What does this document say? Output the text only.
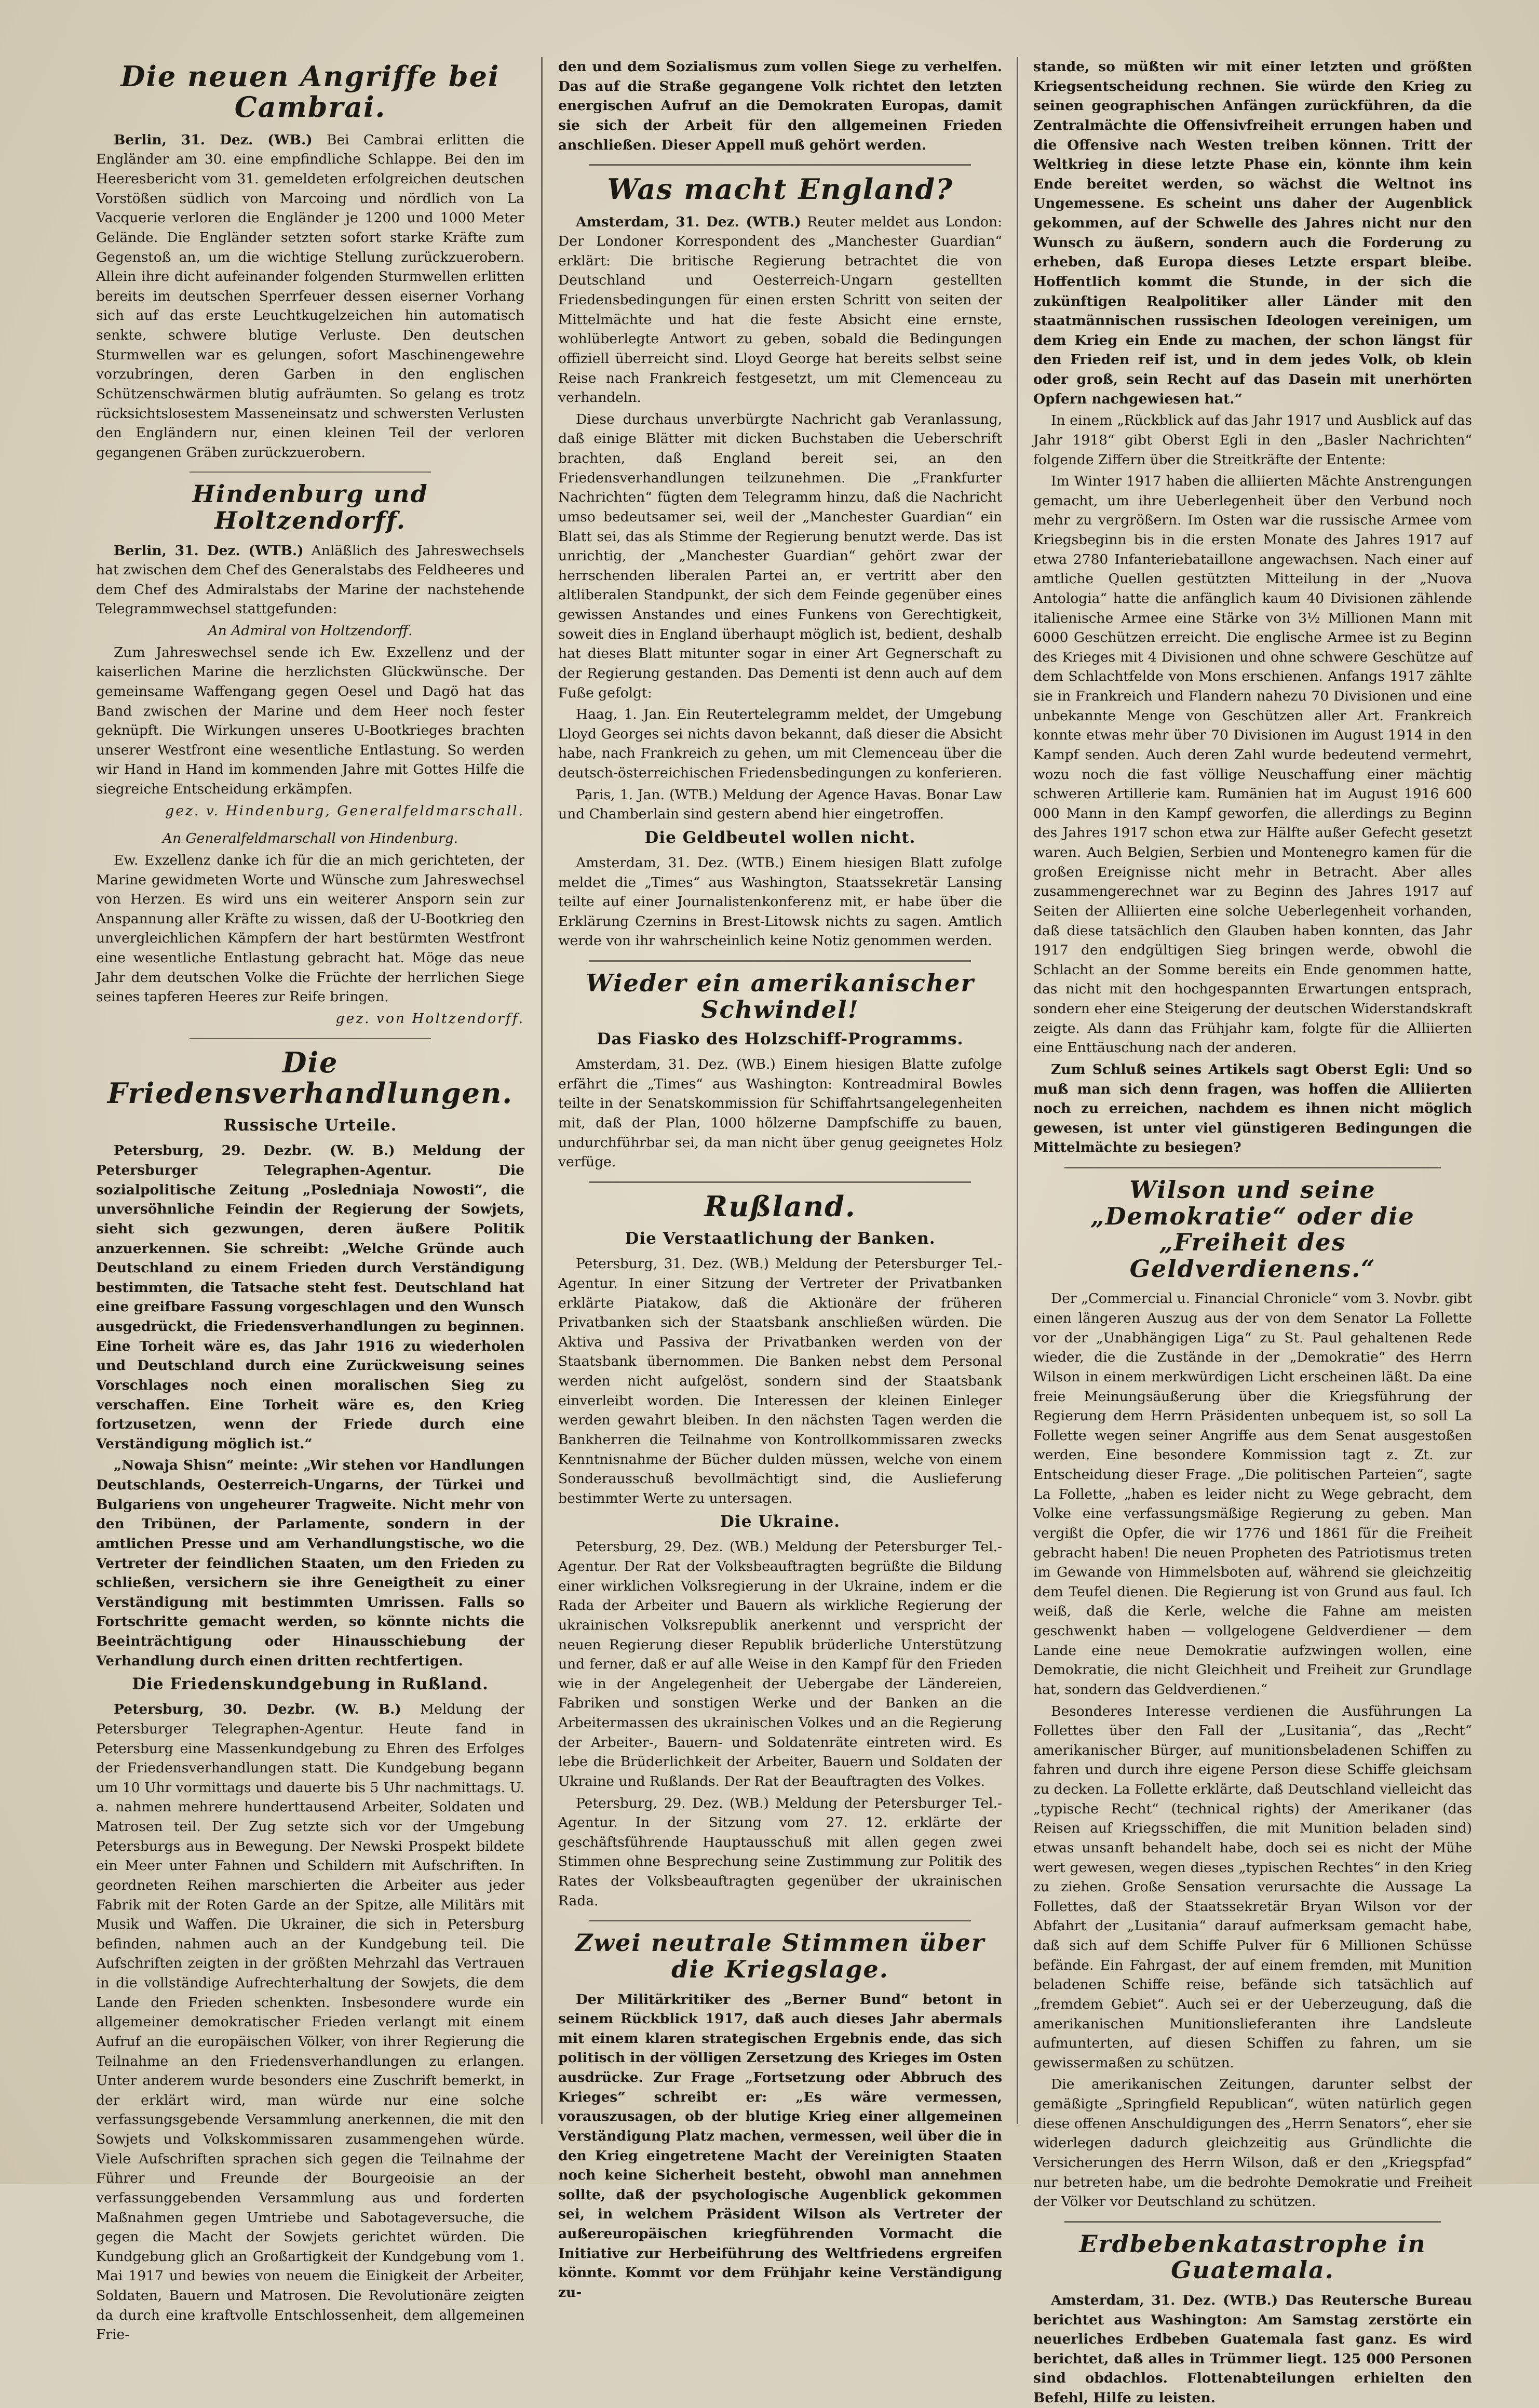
Die neuen Angriffe bei Cambrai.

Berlin, 31. Dez. (WB.) Bei Cambrai erlitten die Engländer am 30. eine empfindliche Schlappe. Bei den im Heeresbericht vom 31. gemeldeten erfolgreichen deutschen Vorstößen südlich von Marcoing und nördlich von La Vacquerie verloren die Engländer je 1200 und 1000 Meter Gelände. Die Engländer setzten sofort starke Kräfte zum Gegenstoß an, um die wichtige Stellung zurückzuerobern. Allein ihre dicht aufeinander folgenden Sturmwellen erlitten bereits im deutschen Sperrfeuer dessen eiserner Vorhang sich auf das erste Leuchtkugelzeichen hin automatisch senkte, schwere blutige Verluste. Den deutschen Sturmwellen war es gelungen, sofort Maschinengewehre vorzubringen, deren Garben in den englischen Schützenschwärmen blutig aufräumten. So gelang es trotz rücksichtslosestem Masseneinsatz und schwersten Verlusten den Engländern nur, einen kleinen Teil der verloren gegangenen Gräben zurückzuerobern.

Hindenburg und Holtzendorff.

Berlin, 31. Dez. (WTB.) Anläßlich des Jahreswechsels hat zwischen dem Chef des Generalstabs des Feldheeres und dem Chef des Admiralstabs der Marine der nachstehende Telegrammwechsel stattgefunden:

An Admiral von Holtzendorff.

Zum Jahreswechsel sende ich Ew. Exzellenz und der kaiserlichen Marine die herzlichsten Glückwünsche. Der gemeinsame Waffengang gegen Oesel und Dagö hat das Band zwischen der Marine und dem Heer noch fester geknüpft. Die Wirkungen unseres U-Bootkrieges brachten unserer Westfront eine wesentliche Entlastung. So werden wir Hand in Hand im kommenden Jahre mit Gottes Hilfe die siegreiche Entscheidung erkämpfen.

gez. v. Hindenburg, Generalfeldmarschall.

An Generalfeldmarschall von Hindenburg.

Ew. Exzellenz danke ich für die an mich gerichteten, der Marine gewidmeten Worte und Wünsche zum Jahreswechsel von Herzen. Es wird uns ein weiterer Ansporn sein zur Anspannung aller Kräfte zu wissen, daß der U-Bootkrieg den unvergleichlichen Kämpfern der hart bestürmten Westfront eine wesentliche Entlastung gebracht hat. Möge das neue Jahr dem deutschen Volke die Früchte der herrlichen Siege seines tapferen Heeres zur Reife bringen.

gez. von Holtzendorff.

Die Friedensverhandlungen.
Russische Urteile.

Petersburg, 29. Dezbr. (W. B.) Meldung der Petersburger Telegraphen-Agentur. Die sozialpolitische Zeitung „Posledniaja Nowosti“, die unversöhnliche Feindin der Regierung der Sowjets, sieht sich gezwungen, deren äußere Politik anzuerkennen. Sie schreibt: „Welche Gründe auch Deutschland zu einem Frieden durch Verständigung bestimmten, die Tatsache steht fest. Deutschland hat eine greifbare Fassung vorgeschlagen und den Wunsch ausgedrückt, die Friedensverhandlungen zu beginnen. Eine Torheit wäre es, das Jahr 1916 zu wiederholen und Deutschland durch eine Zurückweisung seines Vorschlages noch einen moralischen Sieg zu verschaffen. Eine Torheit wäre es, den Krieg fortzusetzen, wenn der Friede durch eine Verständigung möglich ist.“

„Nowaja Shisn“ meinte: „Wir stehen vor Handlungen Deutschlands, Oesterreich-Ungarns, der Türkei und Bulgariens von ungeheurer Tragweite. Nicht mehr von den Tribünen, der Parlamente, sondern in der amtlichen Presse und am Verhandlungstische, wo die Vertreter der feindlichen Staaten, um den Frieden zu schließen, versichern sie ihre Geneigtheit zu einer Verständigung mit bestimmten Umrissen. Falls so Fortschritte gemacht werden, so könnte nichts die Beeinträchtigung oder Hinausschiebung der Verhandlung durch einen dritten rechtfertigen.

Die Friedenskundgebung in Rußland.

Petersburg, 30. Dezbr. (W. B.) Meldung der Petersburger Telegraphen-Agentur. Heute fand in Petersburg eine Massenkundgebung zu Ehren des Erfolges der Friedensverhandlungen statt. Die Kundgebung begann um 10 Uhr vormittags und dauerte bis 5 Uhr nachmittags. U. a. nahmen mehrere hunderttausend Arbeiter, Soldaten und Matrosen teil. Der Zug setzte sich vor der Umgebung Petersburgs aus in Bewegung. Der Newski Prospekt bildete ein Meer unter Fahnen und Schildern mit Aufschriften. In geordneten Reihen marschierten die Arbeiter aus jeder Fabrik mit der Roten Garde an der Spitze, alle Militärs mit Musik und Waffen. Die Ukrainer, die sich in Petersburg befinden, nahmen auch an der Kundgebung teil. Die Aufschriften zeigten in der größten Mehrzahl das Vertrauen in die vollständige Aufrechterhaltung der Sowjets, die dem Lande den Frieden schenkten. Insbesondere wurde ein allgemeiner demokratischer Frieden verlangt mit einem Aufruf an die europäischen Völker, von ihrer Regierung die Teilnahme an den Friedensverhandlungen zu erlangen. Unter anderem wurde besonders eine Zuschrift bemerkt, in der erklärt wird, man würde nur eine solche verfassungsgebende Versammlung anerkennen, die mit den Sowjets und Volkskommissaren zusammengehen würde. Viele Aufschriften sprachen sich gegen die Teilnahme der Führer und Freunde der Bourgeoisie an der verfassunggebenden Versammlung aus und forderten Maßnahmen gegen Umtriebe und Sabotageversuche, die gegen die Macht der Sowjets gerichtet würden. Die Kundgebung glich an Großartigkeit der Kundgebung vom 1. Mai 1917 und bewies von neuem die Einigkeit der Arbeiter, Soldaten, Bauern und Matrosen. Die Revolutionäre zeigten da durch eine kraftvolle Entschlossenheit, dem allgemeinen Frie-

den und dem Sozialismus zum vollen Siege zu verhelfen. Das auf die Straße gegangene Volk richtet den letzten energischen Aufruf an die Demokraten Europas, damit sie sich der Arbeit für den allgemeinen Frieden anschließen. Dieser Appell muß gehört werden.

Was macht England?

Amsterdam, 31. Dez. (WTB.) Reuter meldet aus London: Der Londoner Korrespondent des „Manchester Guardian“ erklärt: Die britische Regierung betrachtet die von Deutschland und Oesterreich-Ungarn gestellten Friedensbedingungen für einen ersten Schritt von seiten der Mittelmächte und hat die feste Absicht eine ernste, wohlüberlegte Antwort zu geben, sobald die Bedingungen offiziell überreicht sind. Lloyd George hat bereits selbst seine Reise nach Frankreich festgesetzt, um mit Clemenceau zu verhandeln.

Diese durchaus unverbürgte Nachricht gab Veranlassung, daß einige Blätter mit dicken Buchstaben die Ueberschrift brachten, daß England bereit sei, an den Friedensverhandlungen teilzunehmen. Die „Frankfurter Nachrichten“ fügten dem Telegramm hinzu, daß die Nachricht umso bedeutsamer sei, weil der „Manchester Guardian“ ein Blatt sei, das als Stimme der Regierung benutzt werde. Das ist unrichtig, der „Manchester Guardian“ gehört zwar der herrschenden liberalen Partei an, er vertritt aber den altliberalen Standpunkt, der sich dem Feinde gegenüber eines gewissen Anstandes und eines Funkens von Gerechtigkeit, soweit dies in England überhaupt möglich ist, bedient, deshalb hat dieses Blatt mitunter sogar in einer Art Gegnerschaft zu der Regierung gestanden. Das Dementi ist denn auch auf dem Fuße gefolgt:

Haag, 1. Jan. Ein Reutertelegramm meldet, der Umgebung Lloyd Georges sei nichts davon bekannt, daß dieser die Absicht habe, nach Frankreich zu gehen, um mit Clemenceau über die deutsch-österreichischen Friedensbedingungen zu konferieren.

Paris, 1. Jan. (WTB.) Meldung der Agence Havas. Bonar Law und Chamberlain sind gestern abend hier eingetroffen.

Die Geldbeutel wollen nicht.

Amsterdam, 31. Dez. (WTB.) Einem hiesigen Blatt zufolge meldet die „Times“ aus Washington, Staatssekretär Lansing teilte auf einer Journalistenkonferenz mit, er habe über die Erklärung Czernins in Brest-Litowsk nichts zu sagen. Amtlich werde von ihr wahrscheinlich keine Notiz genommen werden.

Wieder ein amerikanischer Schwindel!
Das Fiasko des Holzschiff-Programms.

Amsterdam, 31. Dez. (WB.) Einem hiesigen Blatte zufolge erfährt die „Times“ aus Washington: Kontreadmiral Bowles teilte in der Senatskommission für Schiffahrtsangelegenheiten mit, daß der Plan, 1000 hölzerne Dampfschiffe zu bauen, undurchführbar sei, da man nicht über genug geeignetes Holz verfüge.

Rußland.
Die Verstaatlichung der Banken.

Petersburg, 31. Dez. (WB.) Meldung der Petersburger Tel.-Agentur. In einer Sitzung der Vertreter der Privatbanken erklärte Piatakow, daß die Aktionäre der früheren Privatbanken sich der Staatsbank anschließen würden. Die Aktiva und Passiva der Privatbanken werden von der Staatsbank übernommen. Die Banken nebst dem Personal werden nicht aufgelöst, sondern sind der Staatsbank einverleibt worden. Die Interessen der kleinen Einleger werden gewahrt bleiben. In den nächsten Tagen werden die Bankherren die Teilnahme von Kontrollkommissaren zwecks Kenntnisnahme der Bücher dulden müssen, welche von einem Sonderausschuß bevollmächtigt sind, die Auslieferung bestimmter Werte zu untersagen.

Die Ukraine.

Petersburg, 29. Dez. (WB.) Meldung der Petersburger Tel.-Agentur. Der Rat der Volksbeauftragten begrüßte die Bildung einer wirklichen Volksregierung in der Ukraine, indem er die Rada der Arbeiter und Bauern als wirkliche Regierung der ukrainischen Volksrepublik anerkennt und verspricht der neuen Regierung dieser Republik brüderliche Unterstützung und ferner, daß er auf alle Weise in den Kampf für den Frieden wie in der Angelegenheit der Uebergabe der Ländereien, Fabriken und sonstigen Werke und der Banken an die Arbeitermassen des ukrainischen Volkes und an die Regierung der Arbeiter-, Bauern- und Soldatenräte eintreten wird. Es lebe die Brüderlichkeit der Arbeiter, Bauern und Soldaten der Ukraine und Rußlands. Der Rat der Beauftragten des Volkes.

Petersburg, 29. Dez. (WB.) Meldung der Petersburger Tel.-Agentur. In der Sitzung vom 27. 12. erklärte der geschäftsführende Hauptausschuß mit allen gegen zwei Stimmen ohne Besprechung seine Zustimmung zur Politik des Rates der Volksbeauftragten gegenüber der ukrainischen Rada.

Zwei neutrale Stimmen über die Kriegslage.

Der Militärkritiker des „Berner Bund“ betont in seinem Rückblick 1917, daß auch dieses Jahr abermals mit einem klaren strategischen Ergebnis ende, das sich politisch in der völligen Zersetzung des Krieges im Osten ausdrücke. Zur Frage „Fortsetzung oder Abbruch des Krieges“ schreibt er: „Es wäre vermessen, vorauszusagen, ob der blutige Krieg einer allgemeinen Verständigung Platz machen, vermessen, weil über die in den Krieg eingetretene Macht der Vereinigten Staaten noch keine Sicherheit besteht, obwohl man annehmen sollte, daß der psychologische Augenblick gekommen sei, in welchem Präsident Wilson als Vertreter der außereuropäischen kriegführenden Vormacht die Initiative zur Herbeiführung des Weltfriedens ergreifen könnte. Kommt vor dem Frühjahr keine Verständigung zu-

stande, so müßten wir mit einer letzten und größten Kriegsentscheidung rechnen. Sie würde den Krieg zu seinen geographischen Anfängen zurückführen, da die Zentralmächte die Offensivfreiheit errungen haben und die Offensive nach Westen treiben können. Tritt der Weltkrieg in diese letzte Phase ein, könnte ihm kein Ende bereitet werden, so wächst die Weltnot ins Ungemessene. Es scheint uns daher der Augenblick gekommen, auf der Schwelle des Jahres nicht nur den Wunsch zu äußern, sondern auch die Forderung zu erheben, daß Europa dieses Letzte erspart bleibe. Hoffentlich kommt die Stunde, in der sich die zukünftigen Realpolitiker aller Länder mit den staatmännischen russischen Ideologen vereinigen, um dem Krieg ein Ende zu machen, der schon längst für den Frieden reif ist, und in dem jedes Volk, ob klein oder groß, sein Recht auf das Dasein mit unerhörten Opfern nachgewiesen hat.“

In einem „Rückblick auf das Jahr 1917 und Ausblick auf das Jahr 1918“ gibt Oberst Egli in den „Basler Nachrichten“ folgende Ziffern über die Streitkräfte der Entente:

Im Winter 1917 haben die alliierten Mächte Anstrengungen gemacht, um ihre Ueberlegenheit über den Verbund noch mehr zu vergrößern. Im Osten war die russische Armee vom Kriegsbeginn bis in die ersten Monate des Jahres 1917 auf etwa 2780 Infanteriebataillone angewachsen. Nach einer auf amtliche Quellen gestützten Mitteilung in der „Nuova Antologia“ hatte die anfänglich kaum 40 Divisionen zählende italienische Armee eine Stärke von 3½ Millionen Mann mit 6000 Geschützen erreicht. Die englische Armee ist zu Beginn des Krieges mit 4 Divisionen und ohne schwere Geschütze auf dem Schlachtfelde von Mons erschienen. Anfangs 1917 zählte sie in Frankreich und Flandern nahezu 70 Divisionen und eine unbekannte Menge von Geschützen aller Art. Frankreich konnte etwas mehr über 70 Divisionen im August 1914 in den Kampf senden. Auch deren Zahl wurde bedeutend vermehrt, wozu noch die fast völlige Neuschaffung einer mächtig schweren Artillerie kam. Rumänien hat im August 1916 600 000 Mann in den Kampf geworfen, die allerdings zu Beginn des Jahres 1917 schon etwa zur Hälfte außer Gefecht gesetzt waren. Auch Belgien, Serbien und Montenegro kamen für die großen Ereignisse nicht mehr in Betracht. Aber alles zusammengerechnet war zu Beginn des Jahres 1917 auf Seiten der Alliierten eine solche Ueberlegenheit vorhanden, daß diese tatsächlich den Glauben haben konnten, das Jahr 1917 den endgültigen Sieg bringen werde, obwohl die Schlacht an der Somme bereits ein Ende genommen hatte, das nicht mit den hochgespannten Erwartungen entsprach, sondern eher eine Steigerung der deutschen Widerstandskraft zeigte. Als dann das Frühjahr kam, folgte für die Alliierten eine Enttäuschung nach der anderen.

Zum Schluß seines Artikels sagt Oberst Egli: Und so muß man sich denn fragen, was hoffen die Alliierten noch zu erreichen, nachdem es ihnen nicht möglich gewesen, ist unter viel günstigeren Bedingungen die Mittelmächte zu besiegen?

Wilson und seine „Demokratie“ oder die „Freiheit des Geldverdienens.“

Der „Commercial u. Financial Chronicle“ vom 3. Novbr. gibt einen längeren Auszug aus der von dem Senator La Follette vor der „Unabhängigen Liga“ zu St. Paul gehaltenen Rede wieder, die die Zustände in der „Demokratie“ des Herrn Wilson in einem merkwürdigen Licht erscheinen läßt. Da eine freie Meinungsäußerung über die Kriegsführung der Regierung dem Herrn Präsidenten unbequem ist, so soll La Follette wegen seiner Angriffe aus dem Senat ausgestoßen werden. Eine besondere Kommission tagt z. Zt. zur Entscheidung dieser Frage. „Die politischen Parteien“, sagte La Follette, „haben es leider nicht zu Wege gebracht, dem Volke eine verfassungsmäßige Regierung zu geben. Man vergißt die Opfer, die wir 1776 und 1861 für die Freiheit gebracht haben! Die neuen Propheten des Patriotismus treten im Gewande von Himmelsboten auf, während sie gleichzeitig dem Teufel dienen. Die Regierung ist von Grund aus faul. Ich weiß, daß die Kerle, welche die Fahne am meisten geschwenkt haben — vollgelogene Geldverdiener — dem Lande eine neue Demokratie aufzwingen wollen, eine Demokratie, die nicht Gleichheit und Freiheit zur Grundlage hat, sondern das Geldverdienen.“

Besonderes Interesse verdienen die Ausführungen La Follettes über den Fall der „Lusitania“, das „Recht“ amerikanischer Bürger, auf munitionsbeladenen Schiffen zu fahren und durch ihre eigene Person diese Schiffe gleichsam zu decken. La Follette erklärte, daß Deutschland vielleicht das „typische Recht“ (technical rights) der Amerikaner (das Reisen auf Kriegsschiffen, die mit Munition beladen sind) etwas unsanft behandelt habe, doch sei es nicht der Mühe wert gewesen, wegen dieses „typischen Rechtes“ in den Krieg zu ziehen. Große Sensation verursachte die Aussage La Follettes, daß der Staatssekretär Bryan Wilson vor der Abfahrt der „Lusitania“ darauf aufmerksam gemacht habe, daß sich auf dem Schiffe Pulver für 6 Millionen Schüsse befände. Ein Fahrgast, der auf einem fremden, mit Munition beladenen Schiffe reise, befände sich tatsächlich auf „fremdem Gebiet“. Auch sei er der Ueberzeugung, daß die amerikanischen Munitionslieferanten ihre Landsleute aufmunterten, auf diesen Schiffen zu fahren, um sie gewissermaßen zu schützen.

Die amerikanischen Zeitungen, darunter selbst der gemäßigte „Springfield Republican“, wüten natürlich gegen diese offenen Anschuldigungen des „Herrn Senators“, eher sie widerlegen dadurch gleichzeitig aus Gründlichte die Versicherungen des Herrn Wilson, daß er den „Kriegspfad“ nur betreten habe, um die bedrohte Demokratie und Freiheit der Völker vor Deutschland zu schützen.

Erdbebenkatastrophe in Guatemala.

Amsterdam, 31. Dez. (WTB.) Das Reutersche Bureau berichtet aus Washington: Am Samstag zerstörte ein neuerliches Erdbeben Guatemala fast ganz. Es wird berichtet, daß alles in Trümmer liegt. 125 000 Personen sind obdachlos. Flottenabteilungen erhielten den Befehl, Hilfe zu leisten.
